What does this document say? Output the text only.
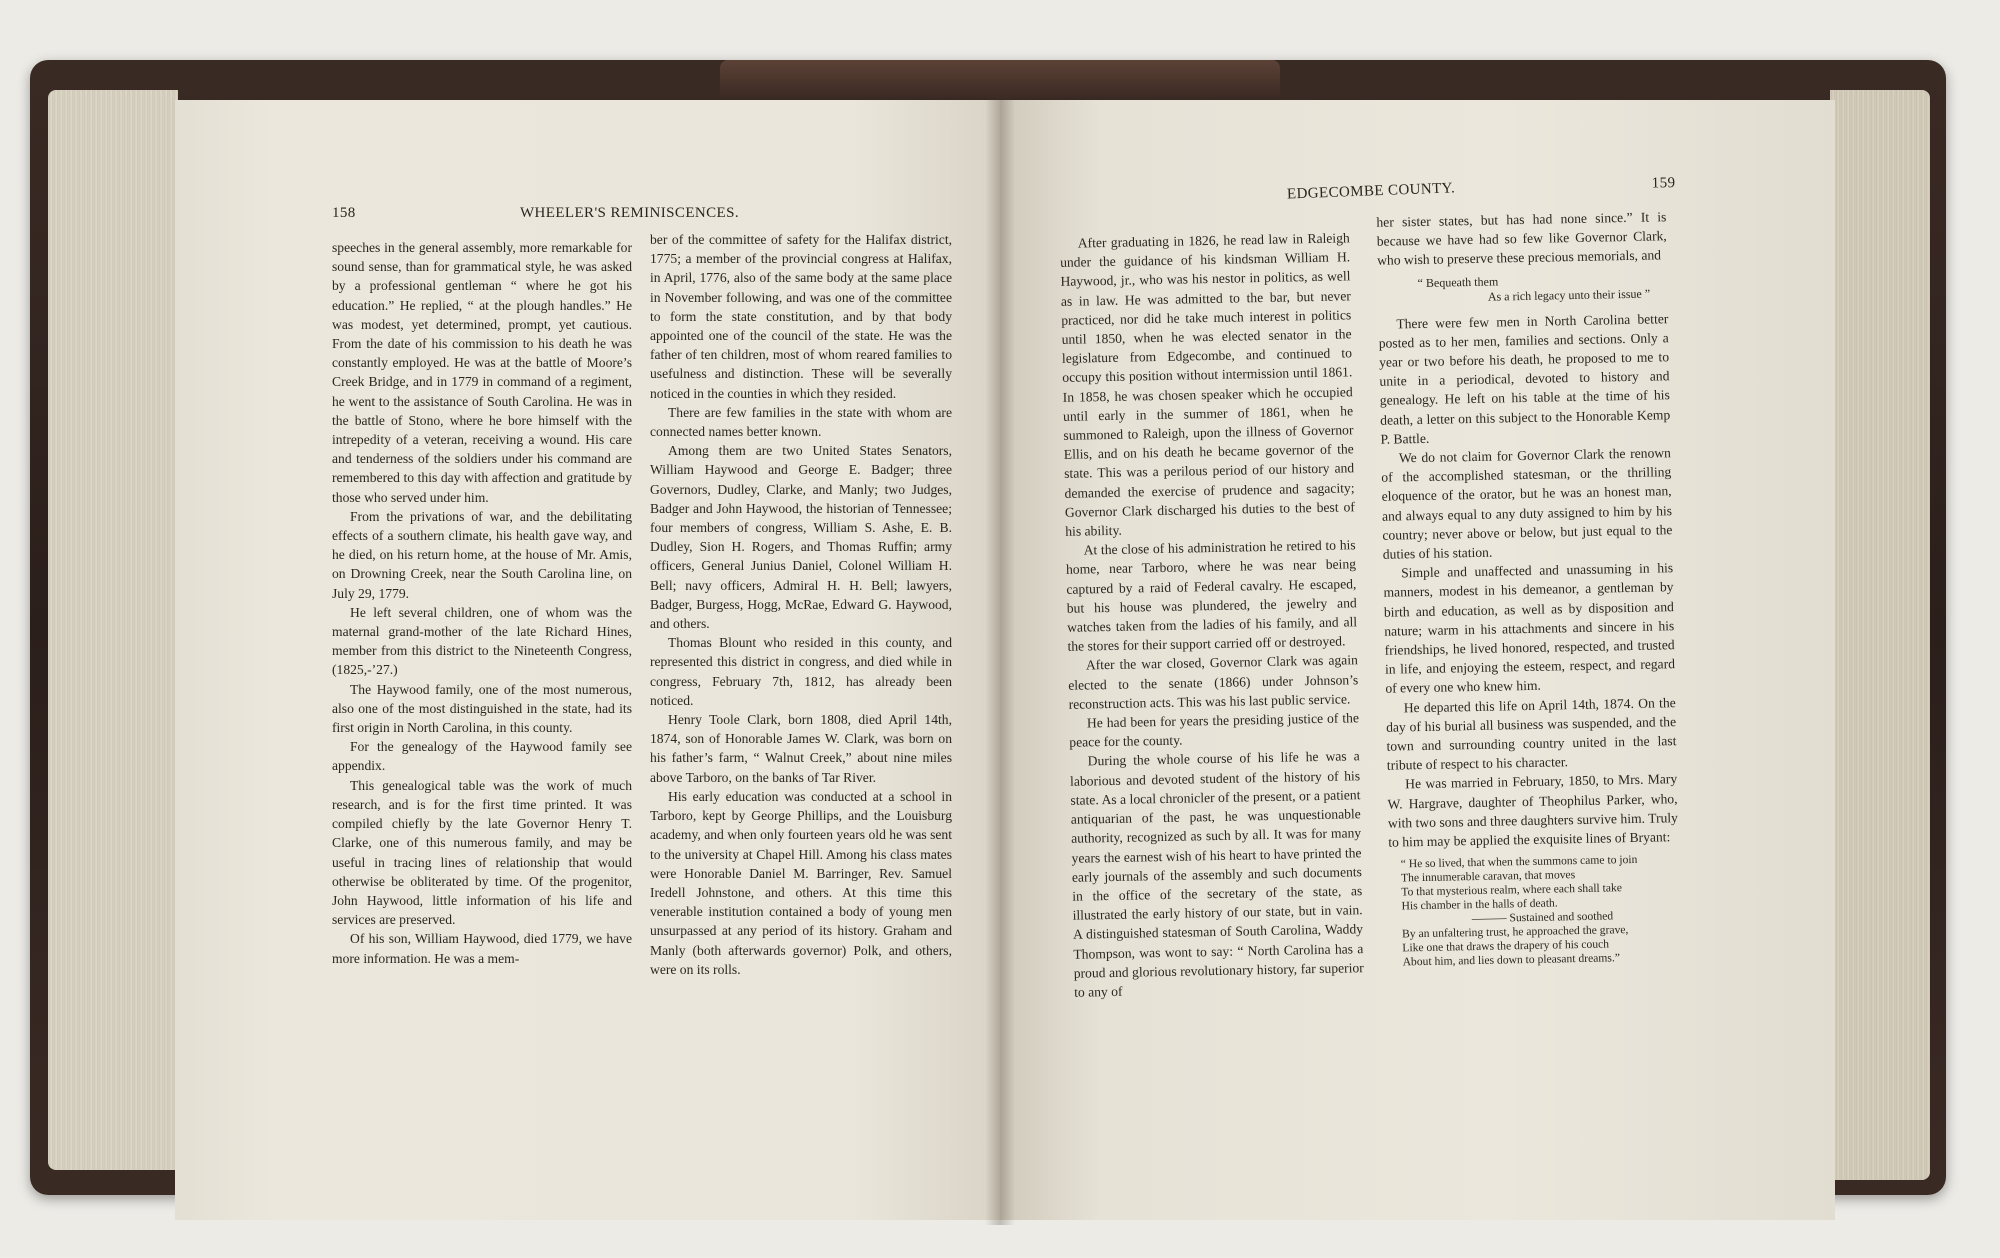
158	WHEELER'S REMINISCENCES.

speeches in the general assembly, more remarkable for sound sense, than for grammatical style, he was asked by a professional gentleman “ where he got his education.” He replied, “ at the plough handles.” He was modest, yet determined, prompt, yet cautious. From the date of his commission to his death he was constantly employed. He was at the battle of Moore’s Creek Bridge, and in 1779 in command of a regiment, he went to the assistance of South Carolina. He was in the battle of Stono, where he bore himself with the intrepedity of a veteran, receiving a wound. His care and tenderness of the soldiers under his command are remembered to this day with affection and gratitude by those who served under him.

From the privations of war, and the debilitating effects of a southern climate, his health gave way, and he died, on his return home, at the house of Mr. Amis, on Drowning Creek, near the South Carolina line, on July 29, 1779.

He left several children, one of whom was the maternal grand-mother of the late Richard Hines, member from this district to the Nineteenth Congress, (1825,-’27.)

The Haywood family, one of the most numerous, also one of the most distinguished in the state, had its first origin in North Carolina, in this county.

For the genealogy of the Haywood family see appendix.

This genealogical table was the work of much research, and is for the first time printed. It was compiled chiefly by the late Governor Henry T. Clarke, one of this numerous family, and may be useful in tracing lines of relationship that would otherwise be obliterated by time. Of the progenitor, John Haywood, little information of his life and services are preserved.

Of his son, William Haywood, died 1779, we have more information. He was a mem-

ber of the committee of safety for the Halifax district, 1775; a member of the provincial congress at Halifax, in April, 1776, also of the same body at the same place in November following, and was one of the committee to form the state constitution, and by that body appointed one of the council of the state. He was the father of ten children, most of whom reared families to usefulness and distinction. These will be severally noticed in the counties in which they resided.

There are few families in the state with whom are connected names better known.

Among them are two United States Senators, William Haywood and George E. Badger; three Governors, Dudley, Clarke, and Manly; two Judges, Badger and John Haywood, the historian of Tennessee; four members of congress, William S. Ashe, E. B. Dudley, Sion H. Rogers, and Thomas Ruffin; army officers, General Junius Daniel, Colonel William H. Bell; navy officers, Admiral H. H. Bell; lawyers, Badger, Burgess, Hogg, McRae, Edward G. Haywood, and others.

Thomas Blount who resided in this county, and represented this district in congress, and died while in congress, February 7th, 1812, has already been noticed.

Henry Toole Clark, born 1808, died April 14th, 1874, son of Honorable James W. Clark, was born on his father’s farm, “ Walnut Creek,” about nine miles above Tarboro, on the banks of Tar River.

His early education was conducted at a school in Tarboro, kept by George Phillips, and the Louisburg academy, and when only fourteen years old he was sent to the university at Chapel Hill. Among his class mates were Honorable Daniel M. Barringer, Rev. Samuel Iredell Johnstone, and others. At this time this venerable institution contained a body of young men unsurpassed at any period of its history. Graham and Manly (both afterwards governor) Polk, and others, were on its rolls.

EDGECOMBE COUNTY.	159

After graduating in 1826, he read law in Raleigh under the guidance of his kindsman William H. Haywood, jr., who was his nestor in politics, as well as in law. He was admitted to the bar, but never practiced, nor did he take much interest in politics until 1850, when he was elected senator in the legislature from Edgecombe, and continued to occupy this position without intermission until 1861. In 1858, he was chosen speaker which he occupied until early in the summer of 1861, when he summoned to Raleigh, upon the illness of Governor Ellis, and on his death he became governor of the state. This was a perilous period of our history and demanded the exercise of prudence and sagacity; Governor Clark discharged his duties to the best of his ability.

At the close of his administration he retired to his home, near Tarboro, where he was near being captured by a raid of Federal cavalry. He escaped, but his house was plundered, the jewelry and watches taken from the ladies of his family, and all the stores for their support carried off or destroyed.

After the war closed, Governor Clark was again elected to the senate (1866) under Johnson’s reconstruction acts. This was his last public service.

He had been for years the presiding justice of the peace for the county.

During the whole course of his life he was a laborious and devoted student of the history of his state. As a local chronicler of the present, or a patient antiquarian of the past, he was unquestionable authority, recognized as such by all. It was for many years the earnest wish of his heart to have printed the early journals of the assembly and such documents in the office of the secretary of the state, as illustrated the early history of our state, but in vain. A distinguished statesman of South Carolina, Waddy Thompson, was wont to say: “ North Carolina has a proud and glorious revolutionary history, far superior to any of

her sister states, but has had none since.” It is because we have had so few like Governor Clark, who wish to preserve these precious memorials, and

“ Bequeath them
As a rich legacy unto their issue ”

There were few men in North Carolina better posted as to her men, families and sections. Only a year or two before his death, he proposed to me to unite in a periodical, devoted to history and genealogy. He left on his table at the time of his death, a letter on this subject to the Honorable Kemp P. Battle.

We do not claim for Governor Clark the renown of the accomplished statesman, or the thrilling eloquence of the orator, but he was an honest man, and always equal to any duty assigned to him by his country; never above or below, but just equal to the duties of his station.

Simple and unaffected and unassuming in his manners, modest in his demeanor, a gentleman by birth and education, as well as by disposition and nature; warm in his attachments and sincere in his friendships, he lived honored, respected, and trusted in life, and enjoying the esteem, respect, and regard of every one who knew him.

He departed this life on April 14th, 1874. On the day of his burial all business was suspended, and the town and surrounding country united in the last tribute of respect to his character.

He was married in February, 1850, to Mrs. Mary W. Hargrave, daughter of Theophilus Parker, who, with two sons and three daughters survive him. Truly to him may be applied the exquisite lines of Bryant:

“ He so lived, that when the summons came to join
The innumerable caravan, that moves
To that mysterious realm, where each shall take
His chamber in the halls of death.
——— Sustained and soothed
By an unfaltering trust, he approached the grave,
Like one that draws the drapery of his couch
About him, and lies down to pleasant dreams.”
